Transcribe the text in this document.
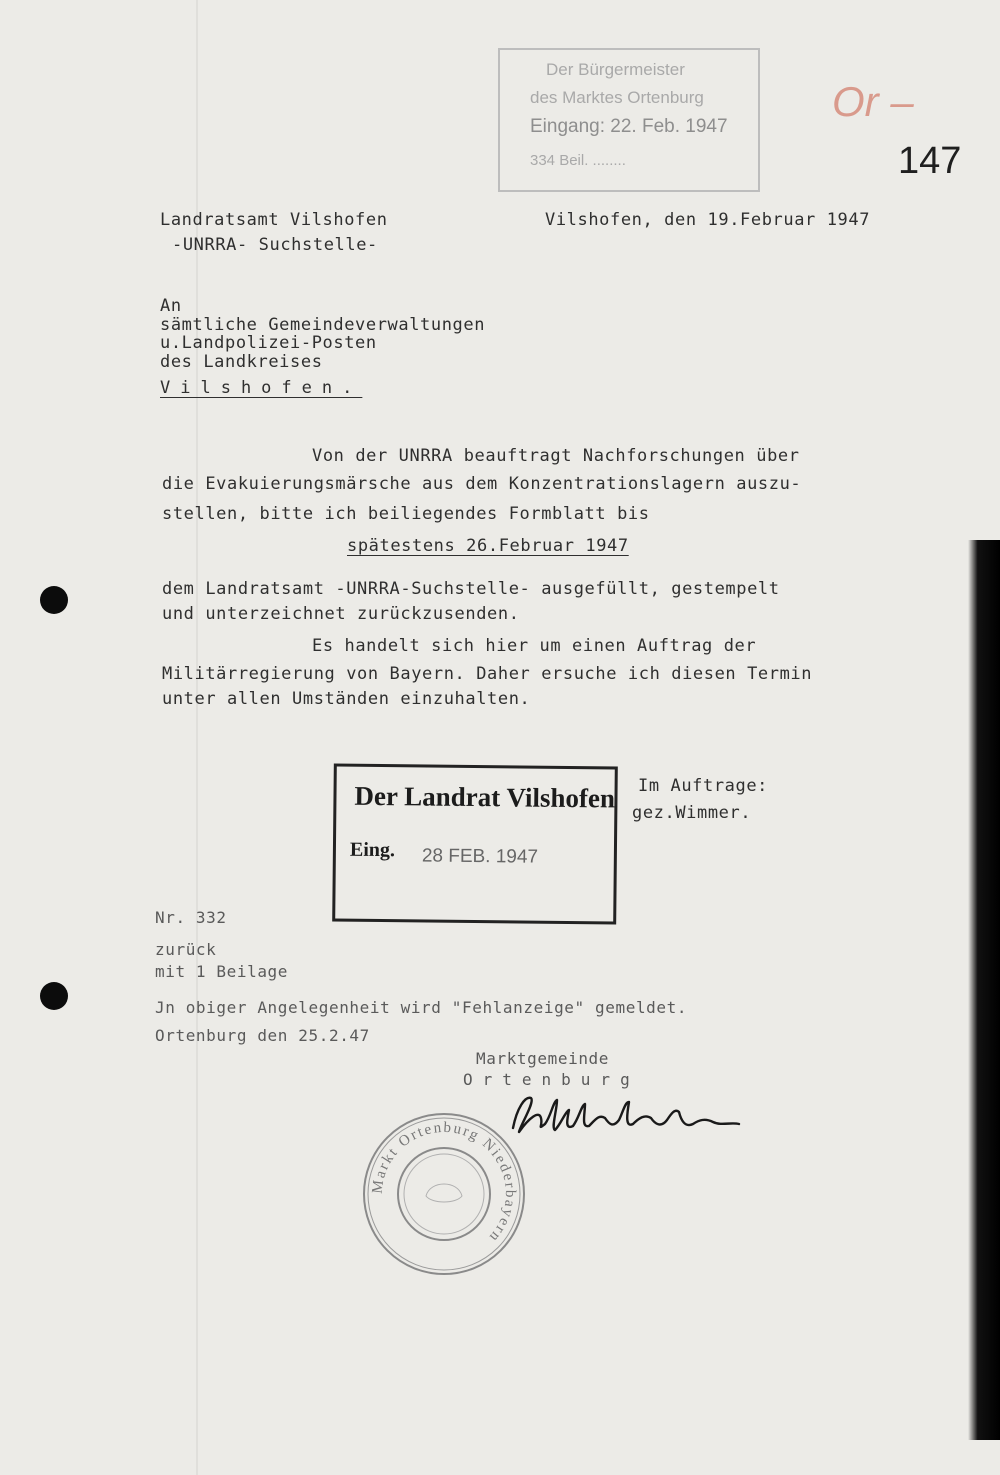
Der Bürgermeister
des Marktes Ortenburg
Eingang: 22. Feb. 1947
334 Beil. ........
Or –
147
Landratsamt Vilshofen
-UNRRA- Suchstelle-
Vilshofen, den 19.Februar 1947
An
sämtliche Gemeindeverwaltungen
u.Landpolizei-Posten
des Landkreises
Vilshofen.
Von der UNRRA beauftragt Nachforschungen über
die Evakuierungsmärsche aus dem Konzentrationslagern auszu-
stellen, bitte ich beiliegendes Formblatt bis
spätestens 26.Februar 1947
dem Landratsamt -UNRRA-Suchstelle- ausgefüllt, gestempelt
und unterzeichnet zurückzusenden.
Es handelt sich hier um einen Auftrag der
Militärregierung von Bayern. Daher ersuche ich diesen Termin
unter allen Umständen einzuhalten.
Der Landrat Vilshofen
Eing. 28 FEB. 1947
Im Auftrage:
gez.Wimmer.
Nr. 332
zurück
mit 1 Beilage
Jn obiger Angelegenheit wird "Fehlanzeige" gemeldet.
Ortenburg den 25.2.47
Marktgemeinde
Ortenburg
Markt Ortenburg Niederbayern
